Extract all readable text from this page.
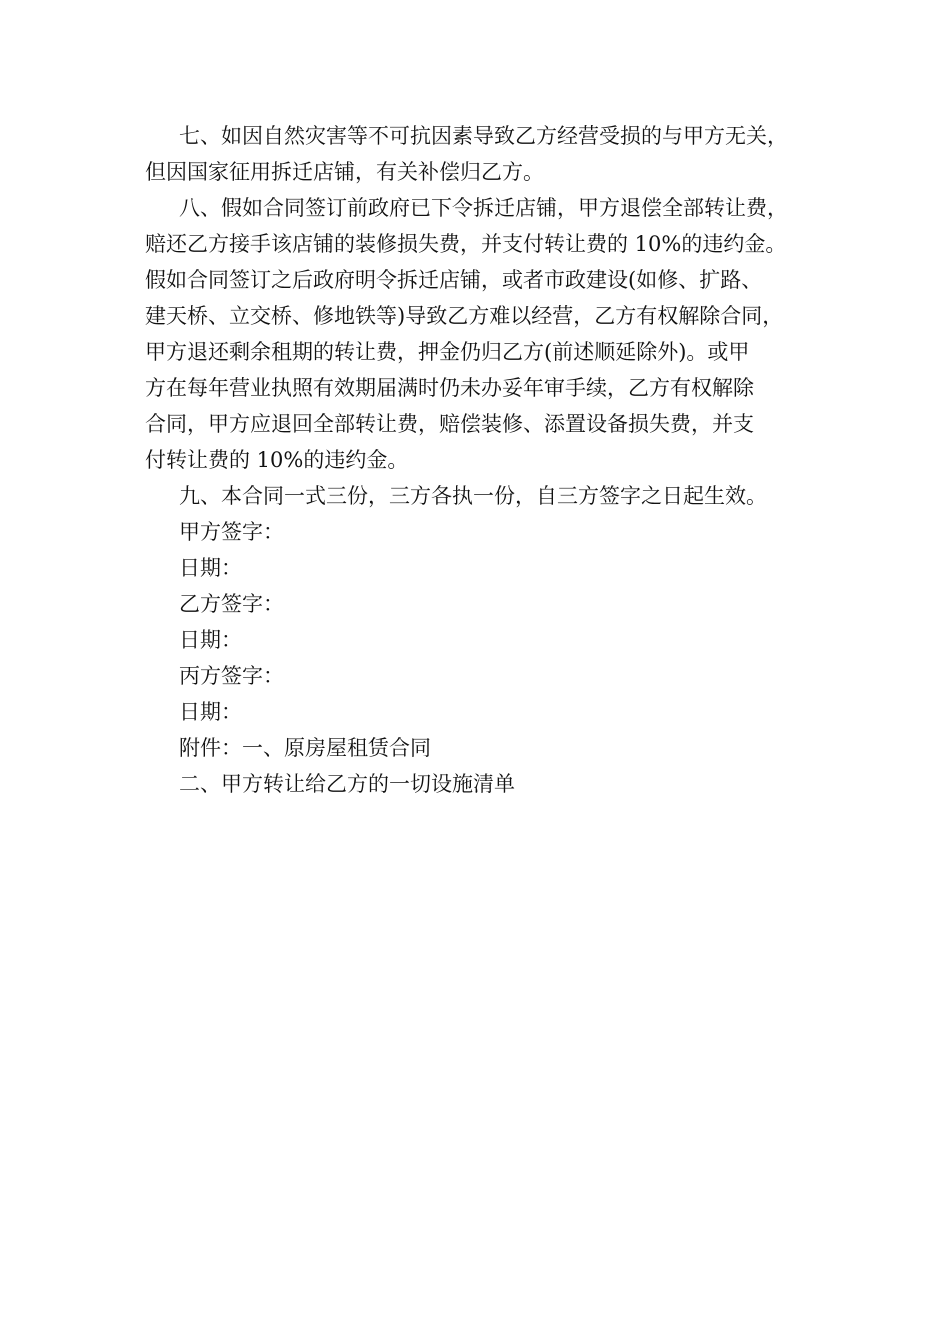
七、如因自然灾害等不可抗因素导致乙方经营受损的与甲方无关，
但因国家征用拆迁店铺，有关补偿归乙方。
八、假如合同签订前政府已下令拆迁店铺，甲方退偿全部转让费，
赔还乙方接手该店铺的装修损失费，并支付转让费的 10%的违约金。
假如合同签订之后政府明令拆迁店铺，或者市政建设(如修、扩路、
建天桥、立交桥、修地铁等)导致乙方难以经营，乙方有权解除合同，
甲方退还剩余租期的转让费，押金仍归乙方(前述顺延除外)。或甲
方在每年营业执照有效期届满时仍未办妥年审手续，乙方有权解除
合同，甲方应退回全部转让费，赔偿装修、添置设备损失费，并支
付转让费的 10%的违约金。
九、本合同一式三份，三方各执一份，自三方签字之日起生效。
甲方签字：
日期：
乙方签字：
日期：
丙方签字：
日期：
附件：一、原房屋租赁合同
二、甲方转让给乙方的一切设施清单
